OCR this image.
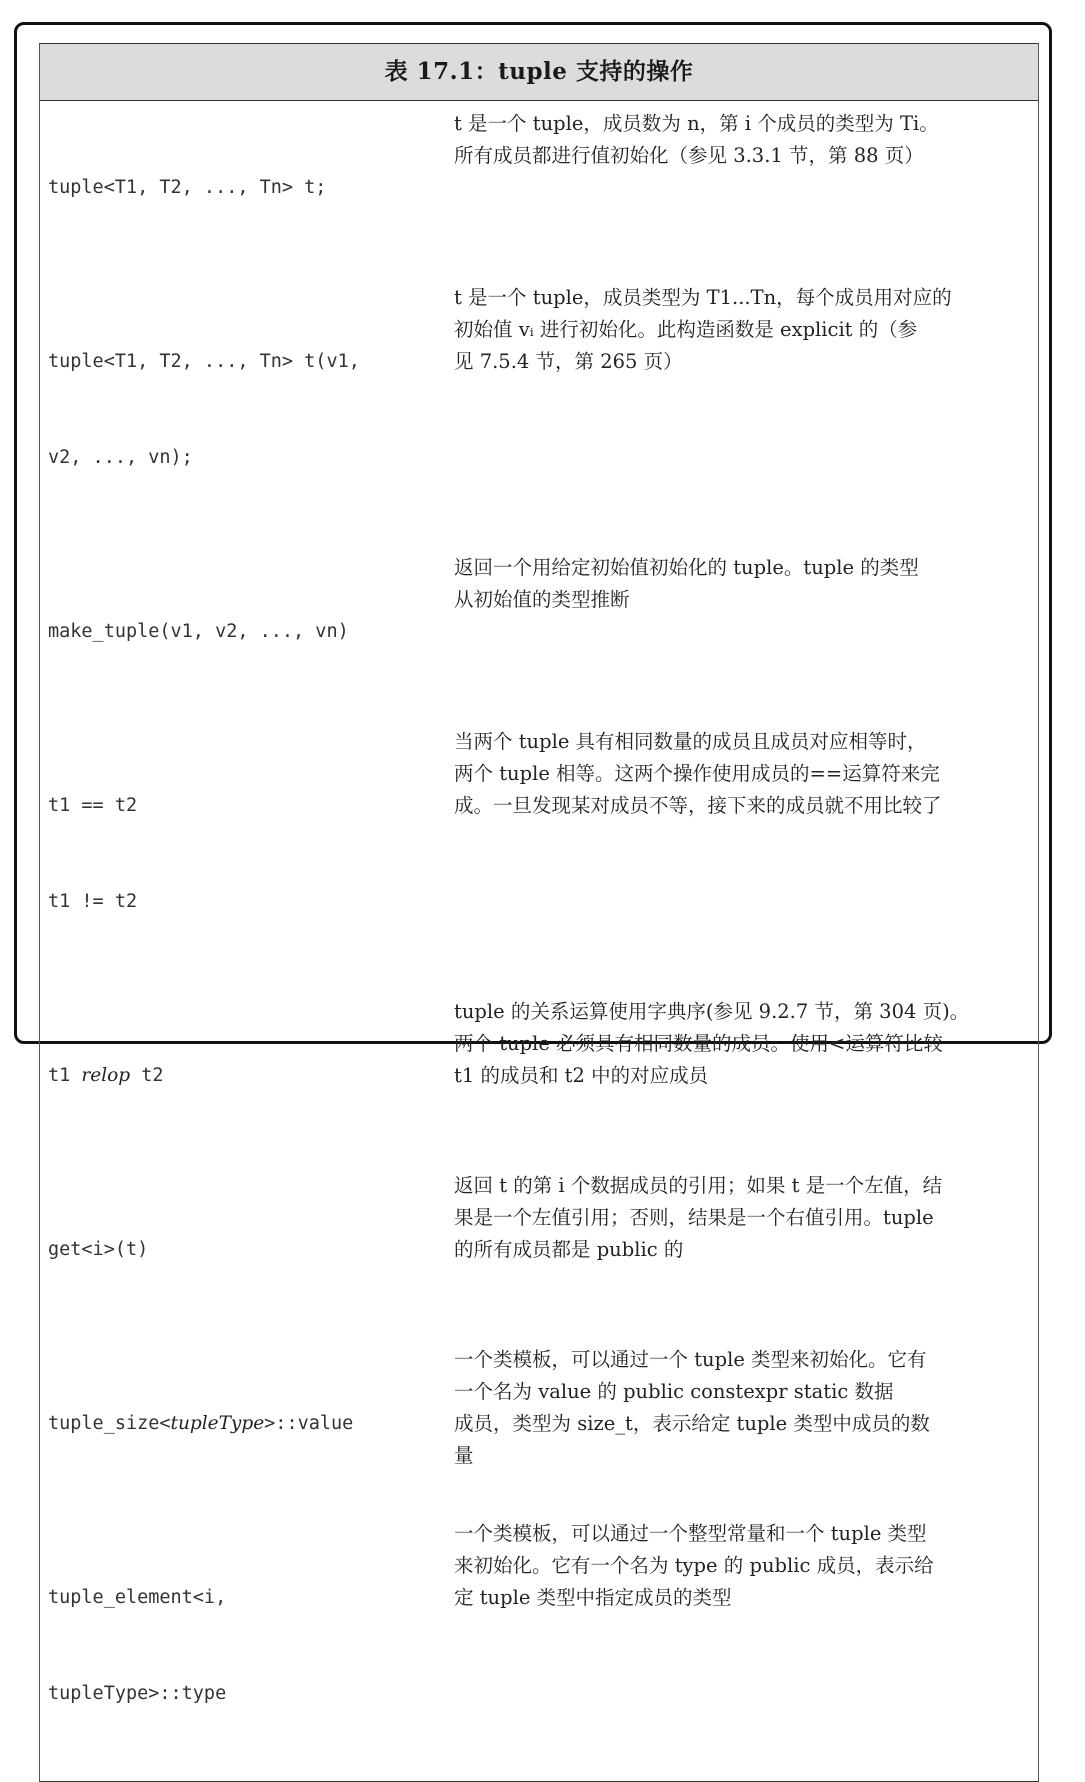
表 17.1：tuple 支持的操作

tuple<T1, T2, ..., Tn> t;

t 是一个 tuple，成员数为 n，第 i 个成员的类型为 Ti。
所有成员都进行值初始化（参见 3.3.1 节，第 88 页）

tuple<T1, T2, ..., Tn> t(v1,

v2, ..., vn);

t 是一个 tuple，成员类型为 T1...Tn，每个成员用对应的
初始值 vᵢ 进行初始化。此构造函数是 explicit 的（参
见 7.5.4 节，第 265 页）

make_tuple(v1, v2, ..., vn)

返回一个用给定初始值初始化的 tuple。tuple 的类型
从初始值的类型推断

t1 == t2

t1 != t2

当两个 tuple 具有相同数量的成员且成员对应相等时，
两个 tuple 相等。这两个操作使用成员的==运算符来完
成。一旦发现某对成员不等，接下来的成员就不用比较了

t1 relop t2

tuple 的关系运算使用字典序(参见 9.2.7 节，第 304 页)。
两个 tuple 必须具有相同数量的成员。使用<运算符比较
t1 的成员和 t2 中的对应成员

get<i>(t)

返回 t 的第 i 个数据成员的引用；如果 t 是一个左值，结
果是一个左值引用；否则，结果是一个右值引用。tuple
的所有成员都是 public 的

tuple_size<tupleType>::value

一个类模板，可以通过一个 tuple 类型来初始化。它有
一个名为 value 的 public constexpr static 数据
成员，类型为 size_t，表示给定 tuple 类型中成员的数
量

tuple_element<i,

tupleType>::type

一个类模板，可以通过一个整型常量和一个 tuple 类型
来初始化。它有一个名为 type 的 public 成员，表示给
定 tuple 类型中指定成员的类型
